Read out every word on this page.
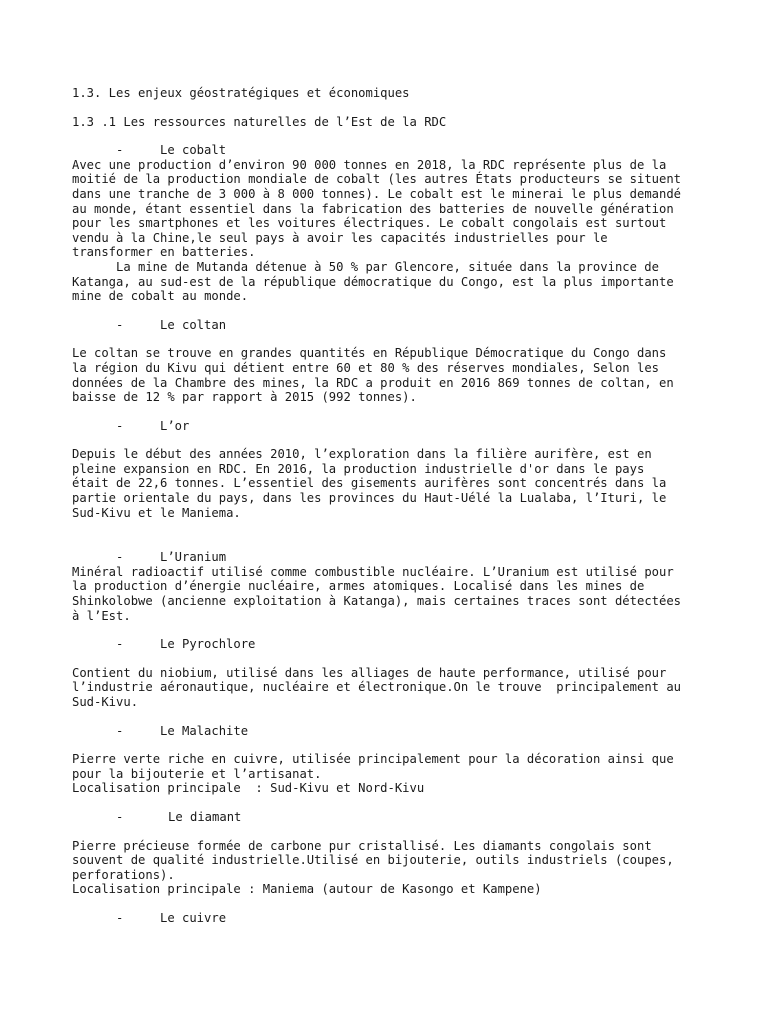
1.3. Les enjeux géostratégiques et économiques
1.3 .1 Les ressources naturelles de l’Est de la RDC
-	Le cobalt
Avec une production d’environ 90 000 tonnes en 2018, la RDC représente plus de la
moitié de la production mondiale de cobalt (les autres États producteurs se situent
dans une tranche de 3 000 à 8 000 tonnes). Le cobalt est le minerai le plus demandé
au monde, étant essentiel dans la fabrication des batteries de nouvelle génération
pour les smartphones et les voitures électriques. Le cobalt congolais est surtout
vendu à la Chine,le seul pays à avoir les capacités industrielles pour le
transformer en batteries.
La mine de Mutanda détenue à 50 % par Glencore, située dans la province de
Katanga, au sud-est de la république démocratique du Congo, est la plus importante
mine de cobalt au monde.
-	Le coltan
Le coltan se trouve en grandes quantités en République Démocratique du Congo dans
la région du Kivu qui détient entre 60 et 80 % des réserves mondiales, Selon les
données de la Chambre des mines, la RDC a produit en 2016 869 tonnes de coltan, en
baisse de 12 % par rapport à 2015 (992 tonnes).
-	L’or
Depuis le début des années 2010, l’exploration dans la filière aurifère, est en
pleine expansion en RDC. En 2016, la production industrielle d'or dans le pays
était de 22,6 tonnes. L’essentiel des gisements aurifères sont concentrés dans la
partie orientale du pays, dans les provinces du Haut-Uélé la Lualaba, l’Ituri, le
Sud-Kivu et le Maniema.
-	L’Uranium
Minéral radioactif utilisé comme combustible nucléaire. L’Uranium est utilisé pour
la production d’énergie nucléaire, armes atomiques. Localisé dans les mines de
Shinkolobwe (ancienne exploitation à Katanga), mais certaines traces sont détectées
à l’Est.
-	Le Pyrochlore
Contient du niobium, utilisé dans les alliages de haute performance, utilisé pour
l’industrie aéronautique, nucléaire et électronique.On le trouve  principalement au
Sud-Kivu.
-	Le Malachite
Pierre verte riche en cuivre, utilisée principalement pour la décoration ainsi que
pour la bijouterie et l’artisanat.
Localisation principale  : Sud-Kivu et Nord-Kivu
-	Le diamant
Pierre précieuse formée de carbone pur cristallisé. Les diamants congolais sont
souvent de qualité industrielle.Utilisé en bijouterie, outils industriels (coupes,
perforations).
Localisation principale : Maniema (autour de Kasongo et Kampene)
-	Le cuivre
